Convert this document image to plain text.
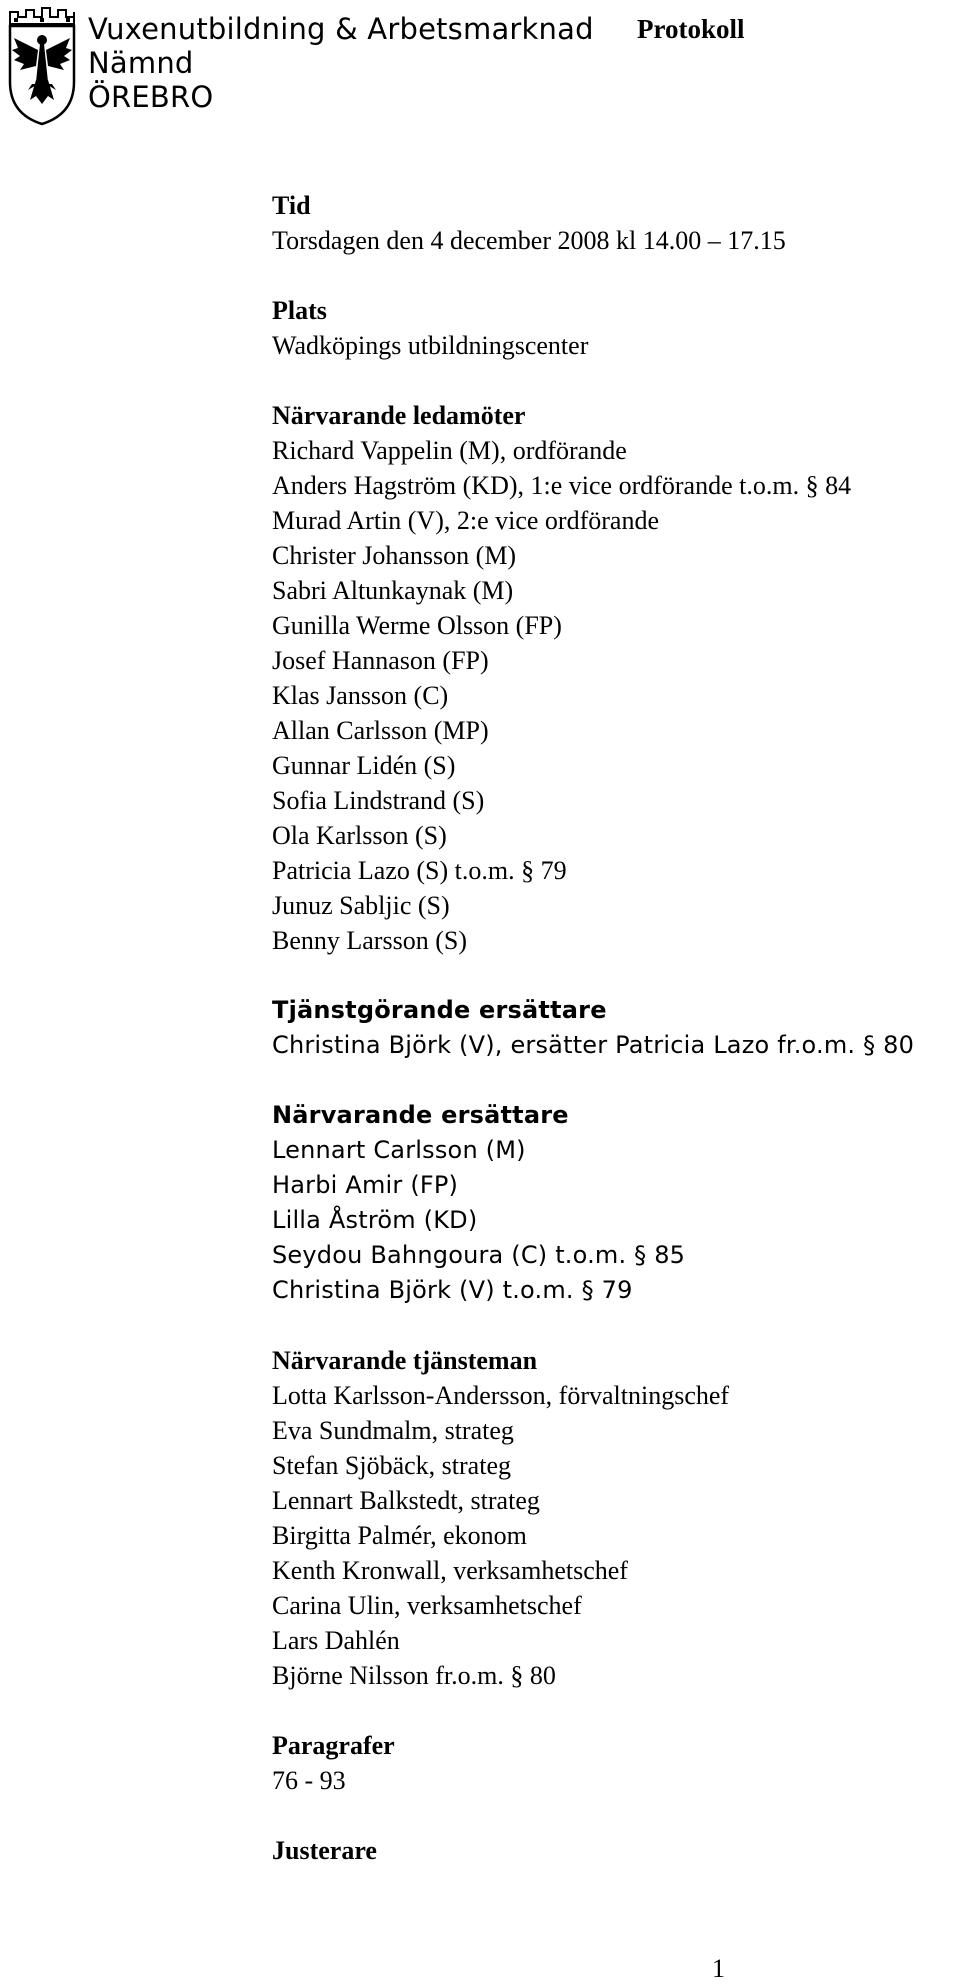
Vuxenutbildning & Arbetsmarknad
Nämnd
ÖREBRO
Protokoll
Tid
Torsdagen den 4 december 2008 kl 14.00 – 17.15
Plats
Wadköpings utbildningscenter
Närvarande ledamöter
Richard Vappelin (M), ordförande
Anders Hagström (KD), 1:e vice ordförande t.o.m. § 84
Murad Artin (V), 2:e vice ordförande
Christer Johansson (M)
Sabri Altunkaynak (M)
Gunilla Werme Olsson (FP)
Josef Hannason (FP)
Klas Jansson (C)
Allan Carlsson (MP)
Gunnar Lidén (S)
Sofia Lindstrand (S)
Ola Karlsson (S)
Patricia Lazo (S) t.o.m. § 79
Junuz Sabljic (S)
Benny Larsson (S)
Tjänstgörande ersättare
Christina Björk (V), ersätter Patricia Lazo fr.o.m. § 80
Närvarande ersättare
Lennart Carlsson (M)
Harbi Amir (FP)
Lilla Åström (KD)
Seydou Bahngoura (C) t.o.m. § 85
Christina Björk (V) t.o.m. § 79
Närvarande tjänsteman
Lotta Karlsson-Andersson, förvaltningschef
Eva Sundmalm, strateg
Stefan Sjöbäck, strateg
Lennart Balkstedt, strateg
Birgitta Palmér, ekonom
Kenth Kronwall, verksamhetschef
Carina Ulin, verksamhetschef
Lars Dahlén
Björne Nilsson fr.o.m. § 80
Paragrafer
76 - 93
Justerare
1
